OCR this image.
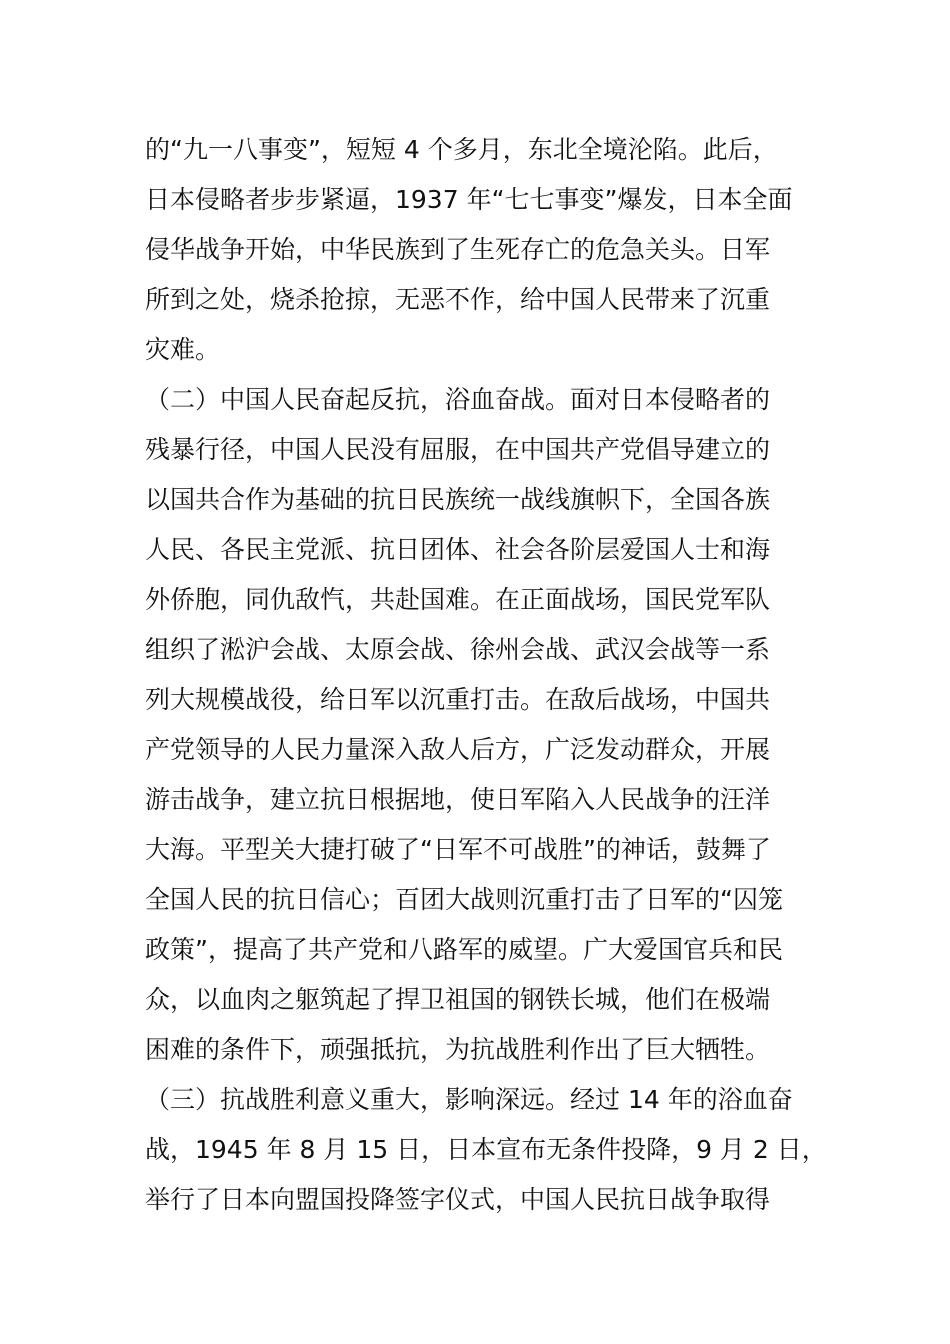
的“九一八事变”，短短 4 个多月，东北全境沦陷。此后，
日本侵略者步步紧逼，1937 年“七七事变”爆发，日本全面
侵华战争开始，中华民族到了生死存亡的危急关头。日军
所到之处，烧杀抢掠，无恶不作，给中国人民带来了沉重
灾难。
（二）中国人民奋起反抗，浴血奋战。面对日本侵略者的
残暴行径，中国人民没有屈服，在中国共产党倡导建立的
以国共合作为基础的抗日民族统一战线旗帜下，全国各族
人民、各民主党派、抗日团体、社会各阶层爱国人士和海
外侨胞，同仇敌忾，共赴国难。在正面战场，国民党军队
组织了淞沪会战、太原会战、徐州会战、武汉会战等一系
列大规模战役，给日军以沉重打击。在敌后战场，中国共
产党领导的人民力量深入敌人后方，广泛发动群众，开展
游击战争，建立抗日根据地，使日军陷入人民战争的汪洋
大海。平型关大捷打破了“日军不可战胜”的神话，鼓舞了
全国人民的抗日信心；百团大战则沉重打击了日军的“囚笼
政策”，提高了共产党和八路军的威望。广大爱国官兵和民
众，以血肉之躯筑起了捍卫祖国的钢铁长城，他们在极端
困难的条件下，顽强抵抗，为抗战胜利作出了巨大牺牲。
（三）抗战胜利意义重大，影响深远。经过 14 年的浴血奋
战，1945 年 8 月 15 日，日本宣布无条件投降，9 月 2 日，
举行了日本向盟国投降签字仪式，中国人民抗日战争取得
